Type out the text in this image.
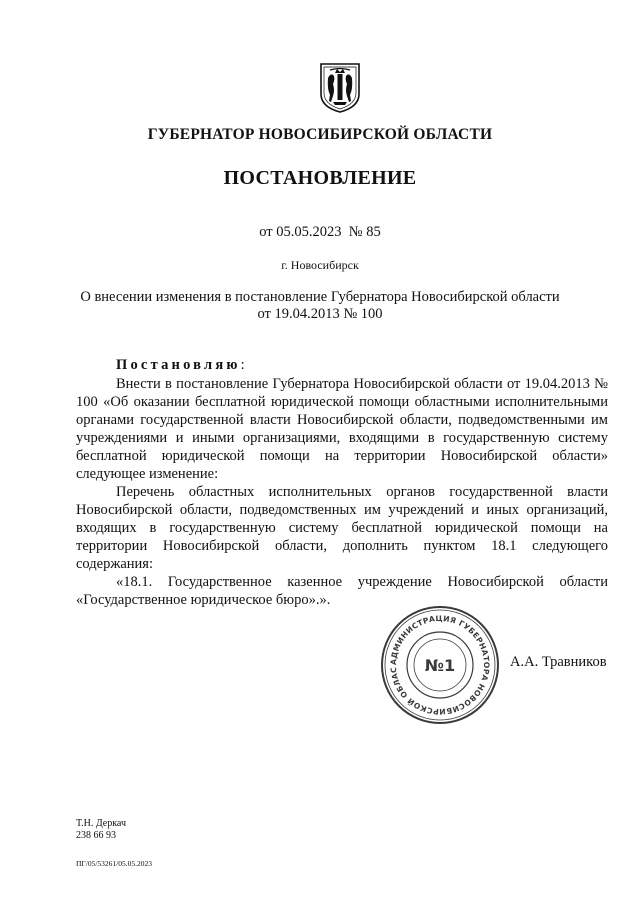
ГУБЕРНАТОР НОВОСИБИРСКОЙ ОБЛАСТИ
ПОСТАНОВЛЕНИЕ
от 05.05.2023  № 85
г. Новосибирск
О внесении изменения в постановление Губернатора Новосибирской области
от 19.04.2013 № 100

Постановляю:

Внести в постановление Губернатора Новосибирской области от 19.04.2013 № 100 «Об оказании бесплатной юридической помощи областными исполнительными органами государственной власти Новосибирской области, подведомственными им учреждениями и иными организациями, входящими в государственную систему бесплатной юридической помощи на территории Новосибирской области» следующее изменение:

Перечень областных исполнительных органов государственной власти Новосибирской области, подведомственных им учреждений и иных организаций, входящих в государственную систему бесплатной юридической помощи на территории Новосибирской области, дополнить пунктом 18.1 следующего содержания:

«18.1. Государственное казенное учреждение Новосибирской области «Государственное юридическое бюро».».

АДМИНИСТРАЦИЯ ГУБЕРНАТОРА НОВОСИБИРСКОЙ ОБЛАС	№1	А.А. Травников
Т.Н. Деркач
238 66 93
ПГ/05/53261/05.05.2023
